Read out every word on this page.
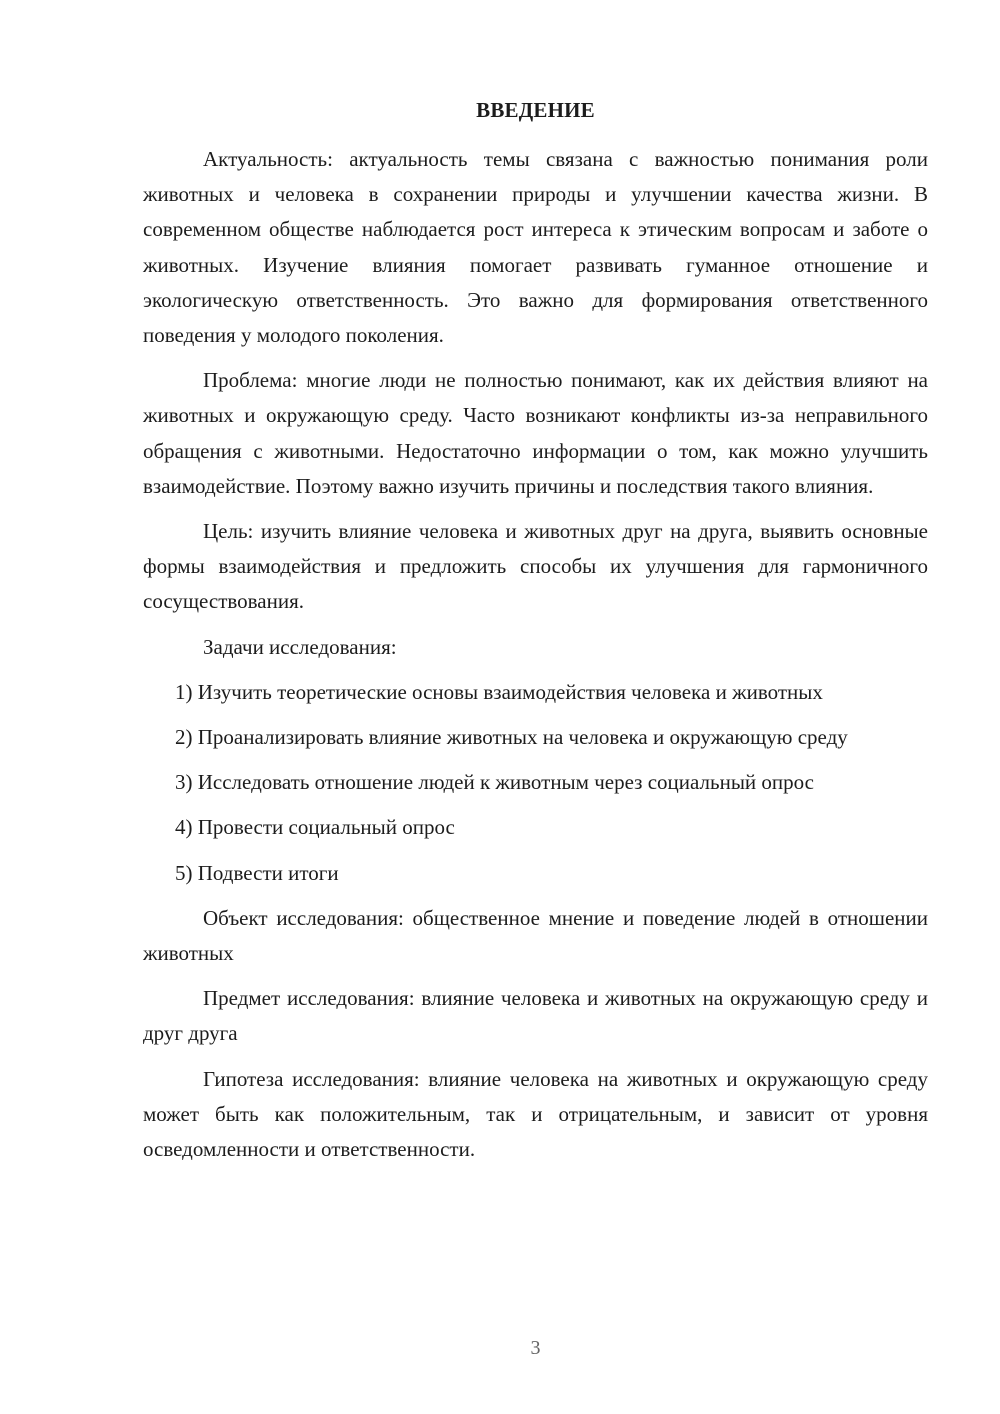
ВВЕДЕНИЕ

Актуальность: актуальность темы связана с важностью понимания роли животных и человека в сохранении природы и улучшении качества жизни. В современном обществе наблюдается рост интереса к этическим вопросам и заботе о животных. Изучение влияния помогает развивать гуманное отношение и экологическую ответственность. Это важно для формирования ответственного поведения у молодого поколения.

Проблема: многие люди не полностью понимают, как их действия влияют на животных и окружающую среду. Часто возникают конфликты из-за неправильного обращения с животными. Недостаточно информации о том, как можно улучшить взаимодействие. Поэтому важно изучить причины и последствия такого влияния.

Цель: изучить влияние человека и животных друг на друга, выявить основные формы взаимодействия и предложить способы их улучшения для гармоничного сосуществования.

Задачи исследования:

1) Изучить теоретические основы взаимодействия человека и животных

2) Проанализировать влияние животных на человека и окружающую среду

3) Исследовать отношение людей к животным через социальный опрос

4) Провести социальный опрос

5) Подвести итоги

Объект исследования: общественное мнение и поведение людей в отношении животных

Предмет исследования: влияние человека и животных на окружающую среду и друг друга

Гипотеза исследования: влияние человека на животных и окружающую среду может быть как положительным, так и отрицательным, и зависит от уровня осведомленности и ответственности.

3
